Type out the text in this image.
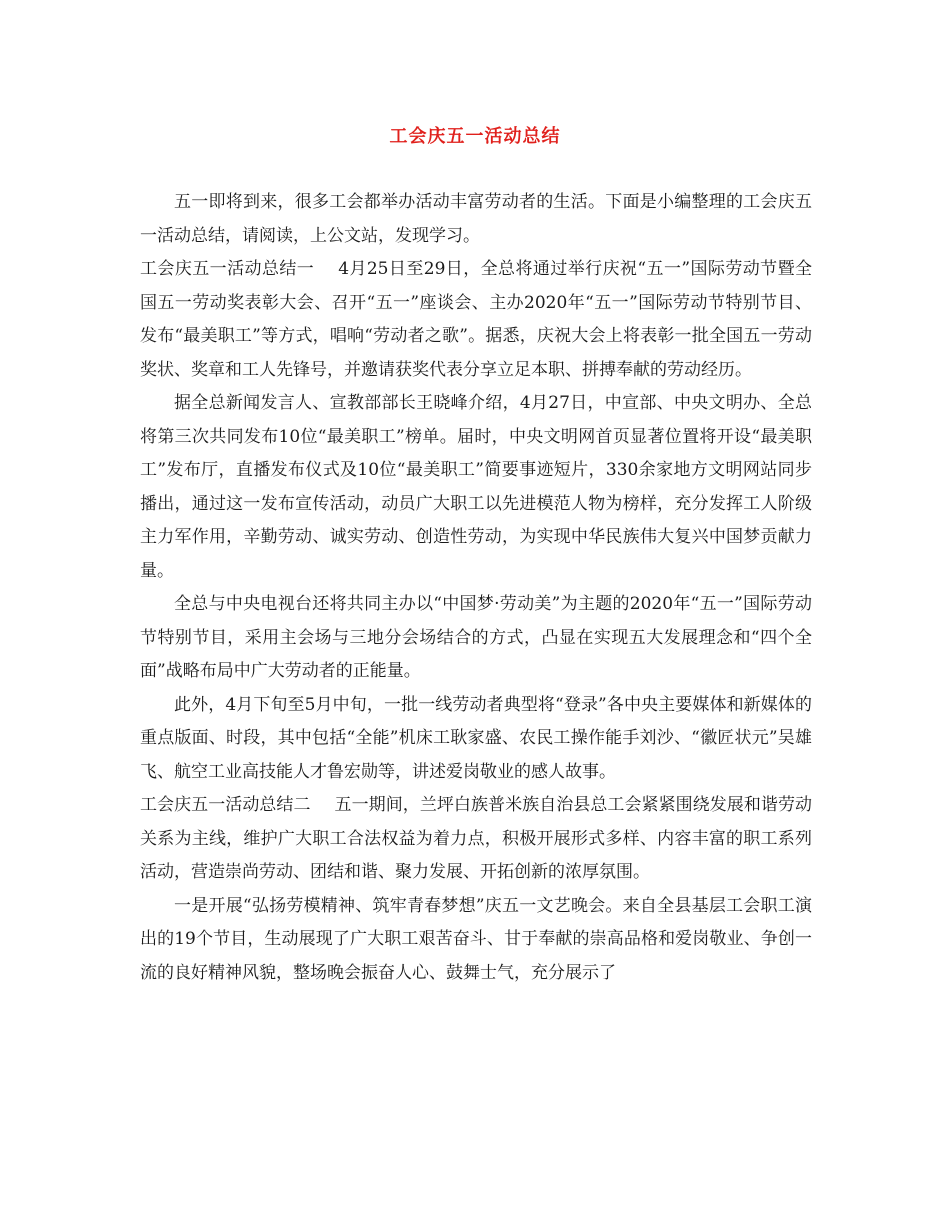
工会庆五一活动总结

五一即将到来，很多工会都举办活动丰富劳动者的生活。下面是小编整理的工会庆五一活动总结，请阅读，上公文站，发现学习。

工会庆五一活动总结一 4月25日至29日，全总将通过举行庆祝“五一”国际劳动节暨全国五一劳动奖表彰大会、召开“五一”座谈会、主办2020年“五一”国际劳动节特别节目、发布“最美职工”等方式，唱响“劳动者之歌”。据悉，庆祝大会上将表彰一批全国五一劳动奖状、奖章和工人先锋号，并邀请获奖代表分享立足本职、拼搏奉献的劳动经历。

据全总新闻发言人、宣教部部长王晓峰介绍，4月27日，中宣部、中央文明办、全总将第三次共同发布10位“最美职工”榜单。届时，中央文明网首页显著位置将开设“最美职工”发布厅，直播发布仪式及10位“最美职工”简要事迹短片，330余家地方文明网站同步播出，通过这一发布宣传活动，动员广大职工以先进模范人物为榜样，充分发挥工人阶级主力军作用，辛勤劳动、诚实劳动、创造性劳动，为实现中华民族伟大复兴中国梦贡献力量。

全总与中央电视台还将共同主办以“中国梦·劳动美”为主题的2020年“五一”国际劳动节特别节目，采用主会场与三地分会场结合的方式，凸显在实现五大发展理念和“四个全面”战略布局中广大劳动者的正能量。

此外，4月下旬至5月中旬，一批一线劳动者典型将“登录”各中央主要媒体和新媒体的重点版面、时段，其中包括“全能”机床工耿家盛、农民工操作能手刘沙、“徽匠状元”吴雄飞、航空工业高技能人才鲁宏勋等，讲述爱岗敬业的感人故事。

工会庆五一活动总结二 五一期间，兰坪白族普米族自治县总工会紧紧围绕发展和谐劳动关系为主线，维护广大职工合法权益为着力点，积极开展形式多样、内容丰富的职工系列活动，营造崇尚劳动、团结和谐、聚力发展、开拓创新的浓厚氛围。

一是开展“弘扬劳模精神、筑牢青春梦想”庆五一文艺晚会。来自全县基层工会职工演出的19个节目，生动展现了广大职工艰苦奋斗、甘于奉献的崇高品格和爱岗敬业、争创一流的良好精神风貌，整场晚会振奋人心、鼓舞士气，充分展示了
